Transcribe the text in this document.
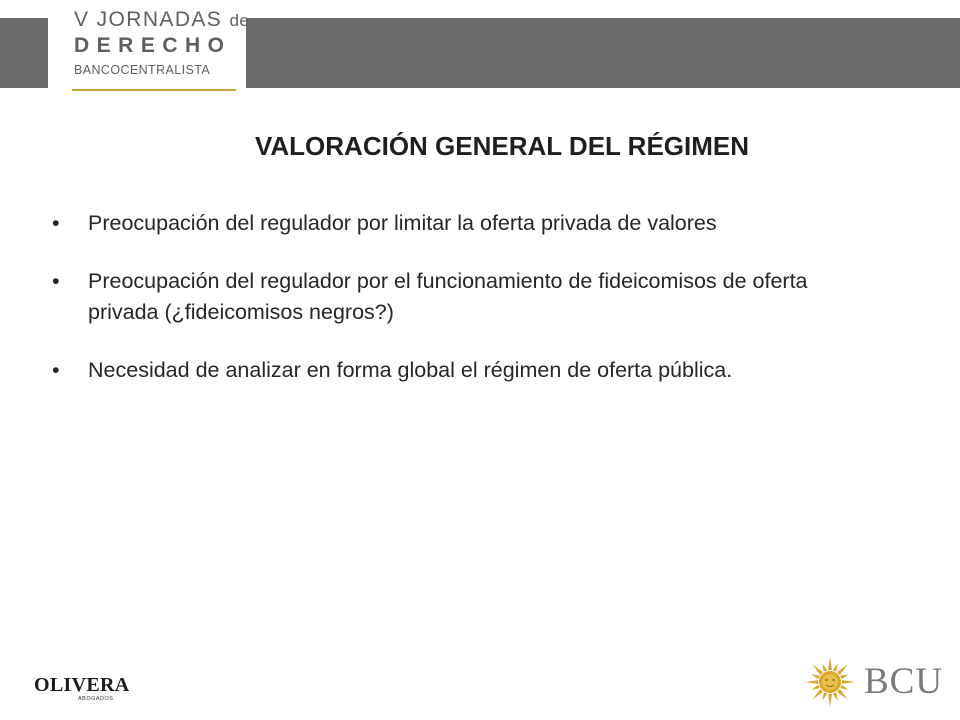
V JORNADAS de
DERECHO
BANCOCENTRALISTA
VALORACIÓN GENERAL DEL RÉGIMEN
•	Preocupación del regulador por limitar la oferta privada de valores
•	Preocupación del regulador por el funcionamiento de fideicomisos de oferta privada (¿fideicomisos negros?)
•	Necesidad de analizar en forma global el régimen de oferta pública.
OLIVERA
ABOGADOS	BCU
